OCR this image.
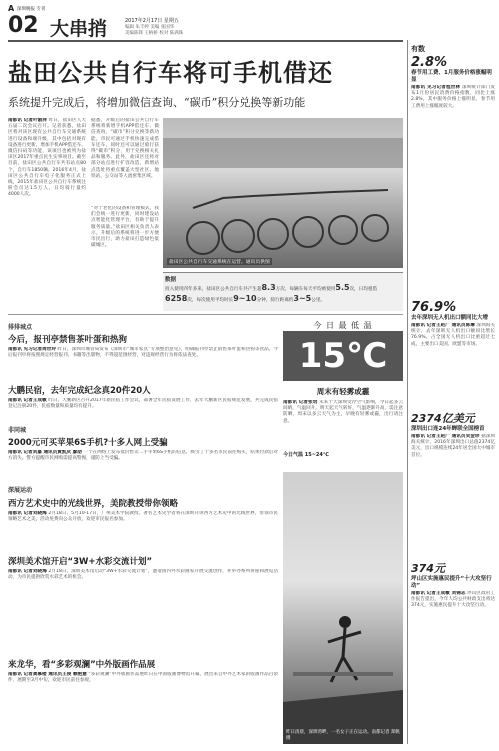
A 深圳晚报 专刊
02 大串捎	2017年2月17日 星期五
编辑 朱丰婷 美编 张国华
美编陈锋 王柄桥 校对 陈满珠
盐田公共自行车将可手机借还
系统提升完成后，将增加微信查询、“碳币”积分兑换等新功能
南都讯 记者叶淑萍 昨日，盐田区人大五届二次会议召开。记者获悉，盐田区将对该区现有公共自行车交通系统进行设备和端升级，其中包括对现有设备进行更新，增加手机APP借还车、微信扫码等功能，该项目也被列为盐田区2017年重点民生实事项目。截至目前，盐田区公共自行车共有站点80个，自行车1850辆。2016年4月，盐田区公共自行车电子化服务正式上线，2015年盐田区公共自行车系统注册会员达1.5万人，日均骑行量约4000人次。
据悉，升级后的盐田公共自行车系统将新增手机APP借还车、微信查询、“碳币”积分兑换等新功能，市民可通过手机快速完成借车还车，同时还可以通过骑行获得“碳币”积分，用于兑换相关礼品和服务。此外，盐田区还将对部分站点进行扩容改造，新增站点选址将重点覆盖大型社区、地铁站、公交站等人流密集区域。
“对于老化的设备和管理模式，我们会统一进行更新，同时建设站点智能化管理平台，有助于提升服务质量。”盐田区相关负责人表示，升级后的系统将进一步方便市民出行，助力盐田打造绿色低碳城区。
盐田区公共自行车交通系统在运营。通讯员供图
数据
投入使用四年多来，盐田区公共自行车共产生超8.3万次，每辆车每天平均被使用5.5次，日均租借6258次，每次使用平均时长9~10分钟，骑行距离约3~5公里。
排排城点
今后，报刊亭禁售茶叶蛋和热狗
南都讯 见习记者周世玲 昨日，深圳市城管局发布《深圳市“城市家具”专项整治意见》，明确报刊亭禁止销售茶叶蛋和热狗等食品，今后报刊亭将按照规定经营报刊、书籍等出版物，不得超范围经营，对违规经营行为将依法查处。
大鹏民宿，去年完成纪念真20件20人
南都讯 记者王成敏 昨日，大鹏新区召开2017年新民宿工作会议，部署全年民宿发展工作，去年大鹏新区民宿规范发展，共完成民宿登记注册20件，民宿数量和质量均有提升。
非同城
2000元可买苹果6S手机?十多人网上受骗
南都讯 记者刘嘉 通讯员黄凯庆 廖劼 一个在网络上发布低价售卖二手苹果6S手机的信息，吸引了十多名市民前往购买，结果付款后对方消失。警方提醒市民网购需提高警惕，谨防上当受骗。
深展运动
西方艺术史中的光线世界，美院教授带你领略
南都讯 记者刘晓海 2月18日、5月10-17日，广州美术学院教授、著名艺术史学者将在深圳开讲西方艺术史中的光线世界，带领市民领略艺术之美，活动免费向公众开放，欢迎市民报名参加。
深圳美术馆开启“3W+水彩交流计划”
南都讯 记者刘晓海 2月18日，深圳美术馆启动“3W+水彩交流计划”，邀请国内外水彩画家开展交流创作，并举办系列讲座和展览活动，为市民提供欣赏水彩艺术的机会。
来龙华，看“多彩观澜”中外版画作品展
南都讯 记者龚慕楼 通讯员王俊 赖艳慧 “多彩观澜”中外版画作品展昨日在中国版画博物馆开幕，展出来自中外艺术家的版画作品百余件，展期至3月中旬，欢迎市民前往参观。
今 日 最 低 温
15℃
周末有轻雾或霾
南都讯 记者张培 未来十天深圳受冷空气影响，今日起多云间晴，气温回升。明天起天气转好，气温逐渐升高，需注意防晒。周末以多云天气为主，早晚有轻雾或霾，出行请注意。
今日气温 15~24℃
昨日清晨，深圳湾畔，一名女子正在运动。南都记者 郑帆 摄
有数
2.8%
春节用工费、1月服务价格涨幅明显
南都讯 见习记者程世林 深圳统计部门发布1月份居民消费价格指数，同比上涨2.8%，其中服务价格上涨明显，春节用工费用上涨幅度较大。
76.9%
去年深圳无人机出口额同比大增
南都讯 记者王赵广 通讯员陈琳 深圳海关统计，去年深圳无人机出口额同比增长76.9%，占全国无人机出口比重超过七成，主要出口美国、欧盟等市场。
2374亿美元
深圳出口连24年蝉联全国榜首
南都讯 记者王赵广 通讯员吴金珍 据深圳海关统计，2016年深圳出口总值2374亿美元，出口规模连续24年居全国大中城市首位。
374元
坪山区实施惠民提升“十大攻坚行动”
南都讯 记者王成敏 刘锦志 坪山区政府工作报告提出，今年人均公共财政支出将达374元，实施惠民提升十大攻坚行动。
